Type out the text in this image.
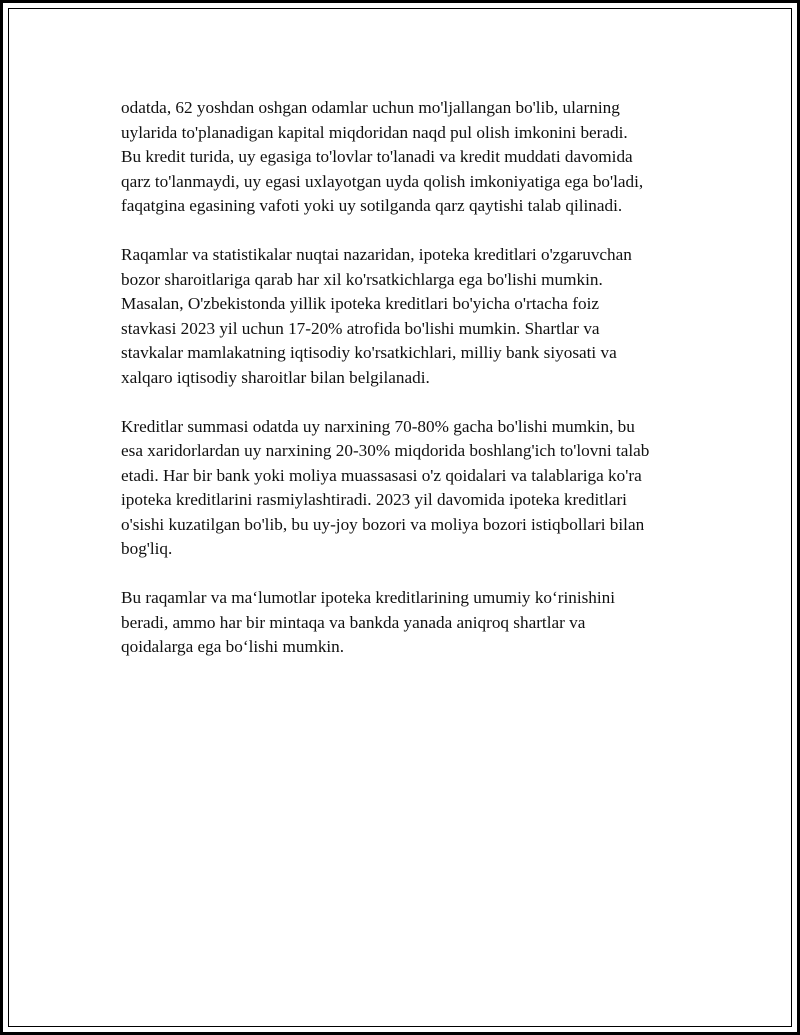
odatda, 62 yoshdan oshgan odamlar uchun mo'ljallangan bo'lib, ularning
uylarida to'planadigan kapital miqdoridan naqd pul olish imkonini beradi.
Bu kredit turida, uy egasiga to'lovlar to'lanadi va kredit muddati davomida
qarz to'lanmaydi, uy egasi uxlayotgan uyda qolish imkoniyatiga ega bo'ladi,
faqatgina egasining vafoti yoki uy sotilganda qarz qaytishi talab qilinadi.

Raqamlar va statistikalar nuqtai nazaridan, ipoteka kreditlari o'zgaruvchan
bozor sharoitlariga qarab har xil ko'rsatkichlarga ega bo'lishi mumkin.
Masalan, O'zbekistonda yillik ipoteka kreditlari bo'yicha o'rtacha foiz
stavkasi 2023 yil uchun 17-20% atrofida bo'lishi mumkin. Shartlar va
stavkalar mamlakatning iqtisodiy ko'rsatkichlari, milliy bank siyosati va
xalqaro iqtisodiy sharoitlar bilan belgilanadi.

Kreditlar summasi odatda uy narxining 70-80% gacha bo'lishi mumkin, bu
esa xaridorlardan uy narxining 20-30% miqdorida boshlang'ich to'lovni talab
etadi. Har bir bank yoki moliya muassasasi o'z qoidalari va talablariga ko'ra
ipoteka kreditlarini rasmiylashtiradi. 2023 yil davomida ipoteka kreditlari
o'sishi kuzatilgan bo'lib, bu uy-joy bozori va moliya bozori istiqbollari bilan
bog'liq.

Bu raqamlar va ma‘lumotlar ipoteka kreditlarining umumiy ko‘rinishini
beradi, ammo har bir mintaqa va bankda yanada aniqroq shartlar va
qoidalarga ega bo‘lishi mumkin.
